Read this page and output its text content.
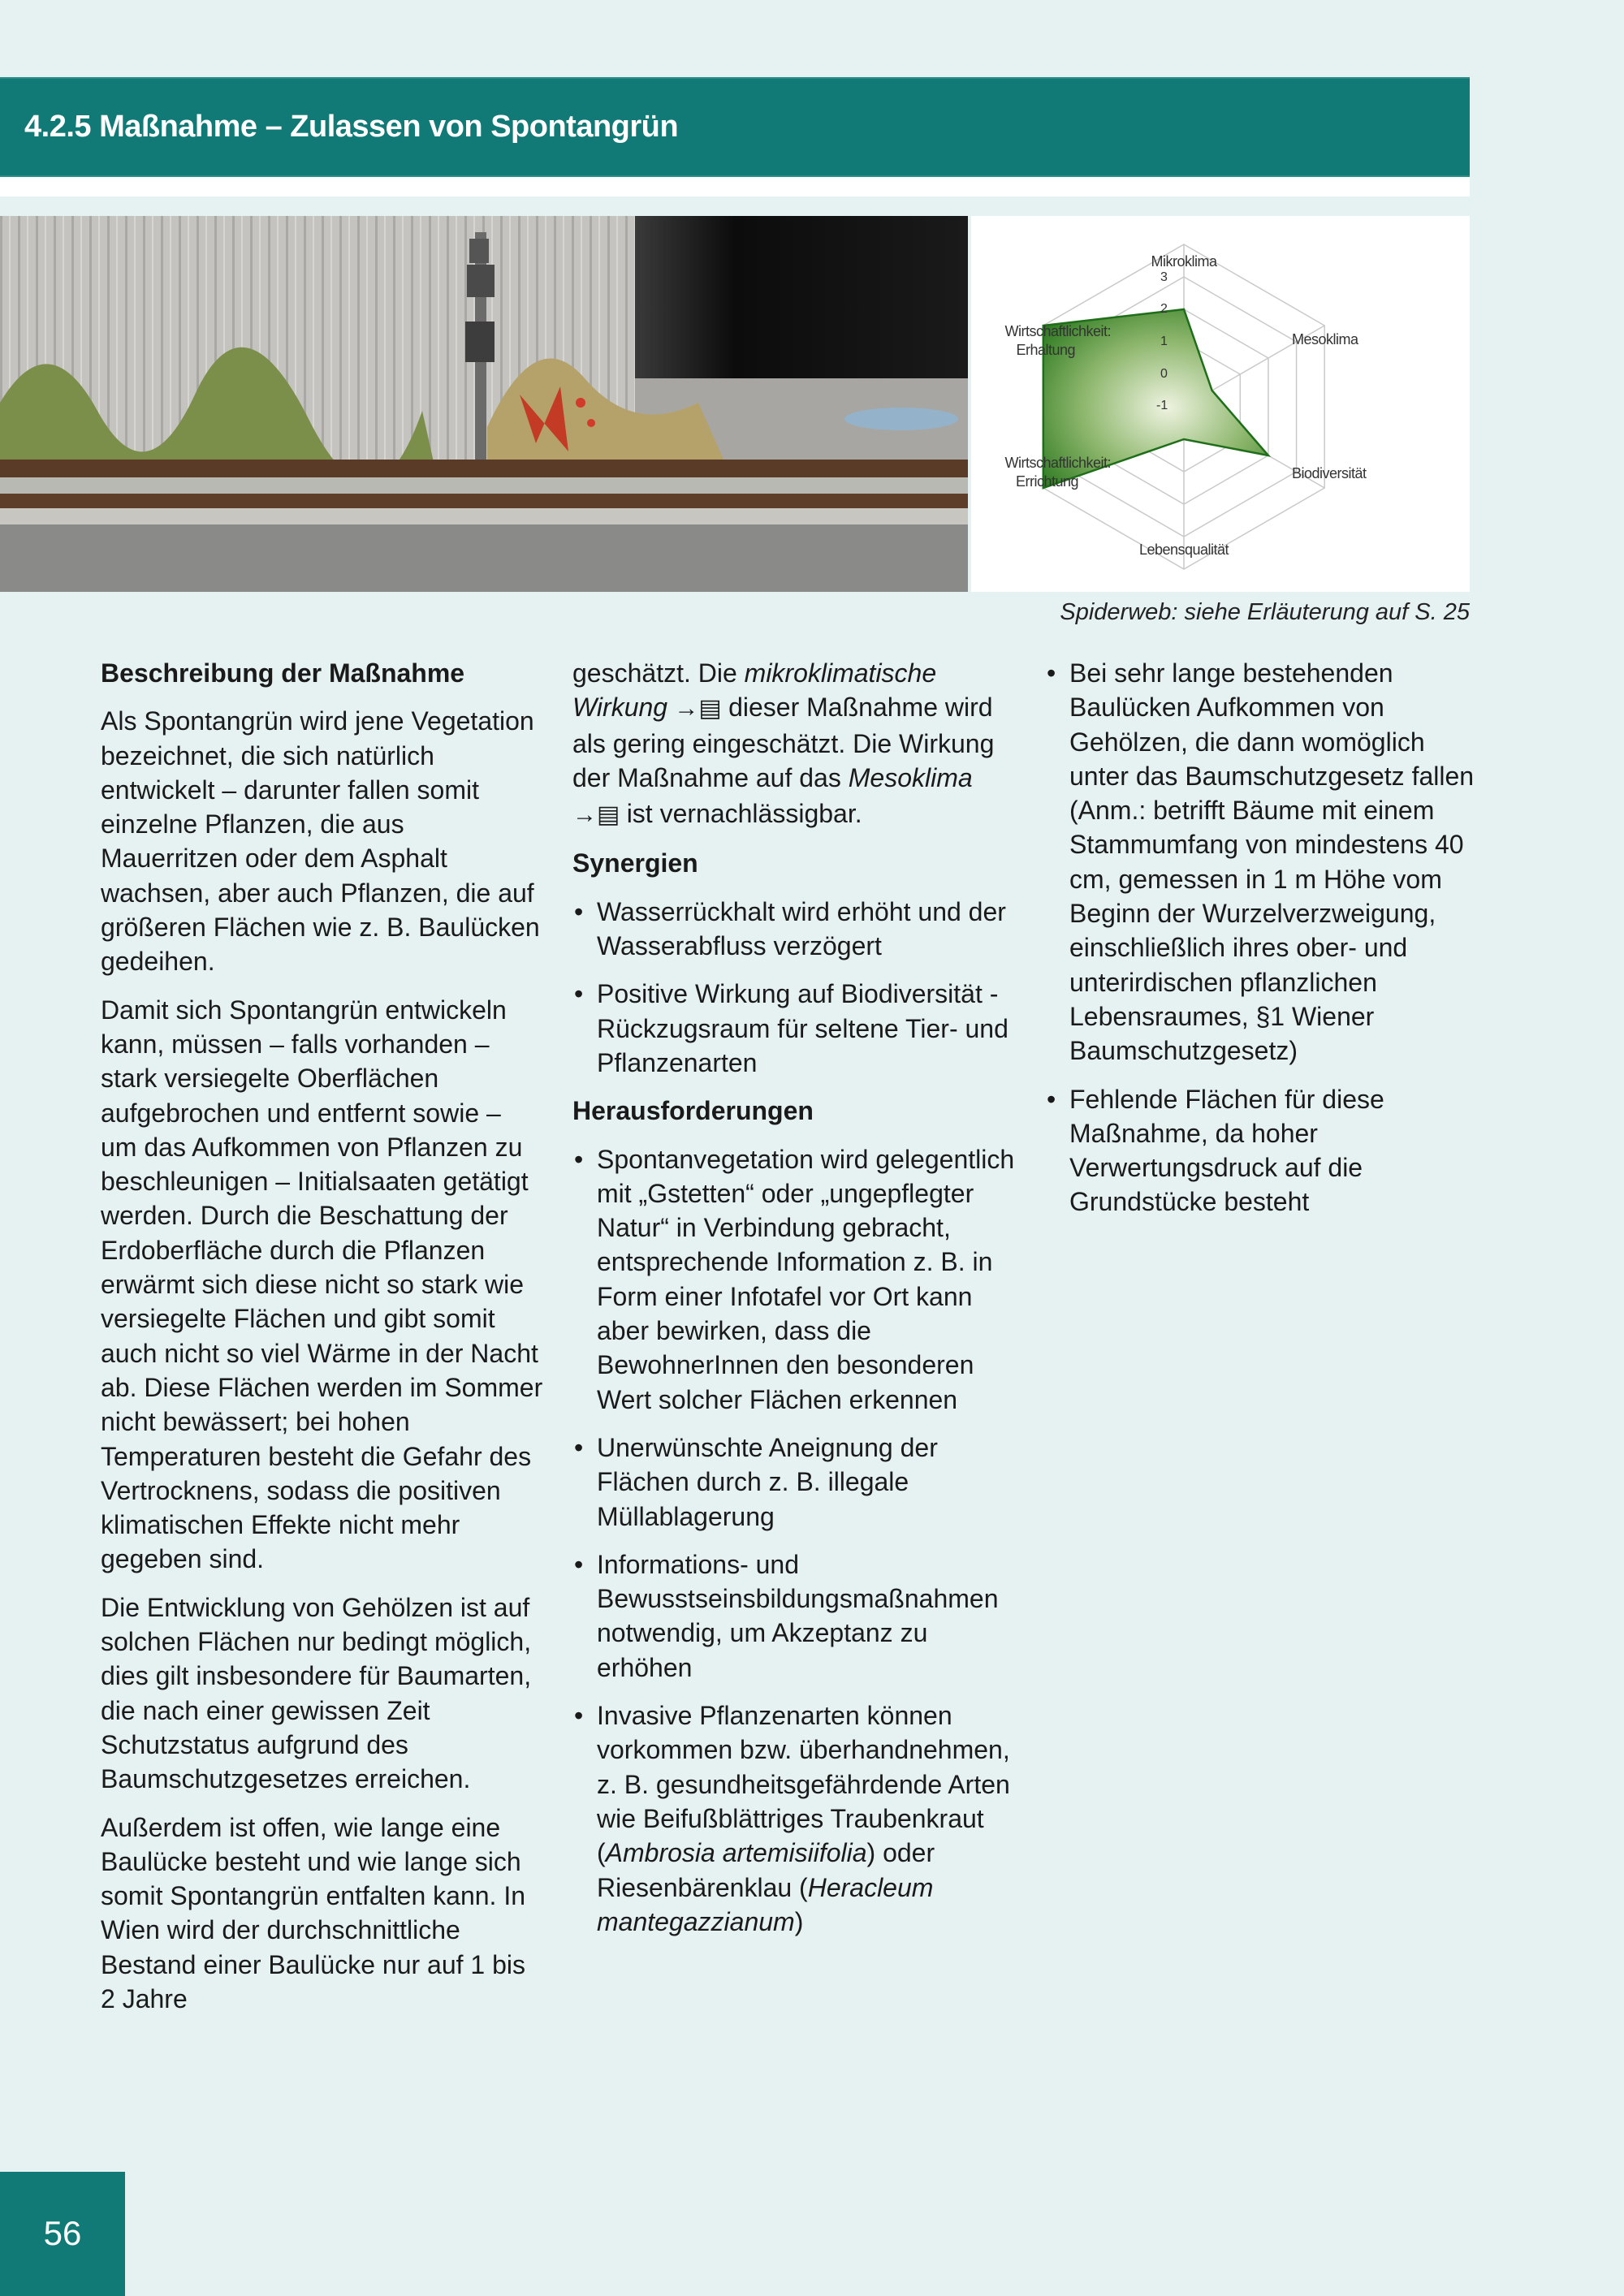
4.2.5 Maßnahme – Zulassen von Spontangrün
3
2
1
0
-1
Mikroklima
Mesoklima
Biodiversität
Lebensqualität
Wirtschaftlichkeit:
Errichtung
Wirtschaftlichkeit:
Erhaltung
Spiderweb: siehe Erläuterung auf S. 25
Beschreibung der Maßnahme

Als Spontangrün wird jene Vegetation bezeichnet, die sich natürlich entwickelt – darunter fallen somit einzelne Pflanzen, die aus Mauerritzen oder dem Asphalt wachsen, aber auch Pflanzen, die auf größeren Flächen wie z. B. Baulücken gedeihen.

Damit sich Spontangrün entwickeln kann, müssen – falls vorhanden – stark versiegelte Oberflächen aufgebrochen und entfernt sowie – um das Aufkommen von Pflanzen zu beschleunigen – Initialsaaten getätigt werden. Durch die Beschattung der Erdoberfläche durch die Pflanzen erwärmt sich diese nicht so stark wie versiegelte Flächen und gibt somit auch nicht so viel Wärme in der Nacht ab. Diese Flächen werden im Sommer nicht bewässert; bei hohen Temperaturen besteht die Gefahr des Vertrocknens, sodass die positiven klimatischen Effekte nicht mehr gegeben sind.

Die Entwicklung von Gehölzen ist auf solchen Flächen nur bedingt möglich, dies gilt insbesondere für Baumarten, die nach einer gewissen Zeit Schutzstatus aufgrund des Baumschutzgesetzes erreichen.

Außerdem ist offen, wie lange eine Baulücke besteht und wie lange sich somit Spontangrün entfalten kann. In Wien wird der durchschnittliche Bestand einer Baulücke nur auf 1 bis 2 Jahre

geschätzt. Die mikroklimatische Wirkung →▤ dieser Maßnahme wird als gering eingeschätzt. Die Wirkung der Maßnahme auf das Mesoklima →▤ ist vernachlässigbar.

Synergien
• Wasserrückhalt wird erhöht und der Wasserabfluss verzögert
• Positive Wirkung auf Biodiversität - Rückzugsraum für seltene Tier- und Pflanzenarten
Herausforderungen
• Spontanvegetation wird gelegentlich mit „Gstetten“ oder „ungepflegter Natur“ in Verbindung gebracht, entsprechende Information z. B. in Form einer Infotafel vor Ort kann aber bewirken, dass die BewohnerInnen den besonderen Wert solcher Flächen erkennen
• Unerwünschte Aneignung der Flächen durch z. B. illegale Müllablagerung
• Informations- und Bewusstseinsbildungsmaßnahmen notwendig, um Akzeptanz zu erhöhen
• Invasive Pflanzenarten können vorkommen bzw. überhandnehmen, z. B. gesundheitsgefährdende Arten wie Beifußblättriges Traubenkraut (Ambrosia artemisiifolia) oder Riesenbärenklau (Heracleum mantegazzianum)
• Bei sehr lange bestehenden Baulücken Aufkommen von Gehölzen, die dann womöglich unter das Baumschutzgesetz fallen (Anm.: betrifft Bäume mit einem Stammumfang von mindestens 40 cm, gemessen in 1 m Höhe vom Beginn der Wurzelverzweigung, einschließlich ihres ober- und unterirdischen pflanzlichen Lebensraumes, §1 Wiener Baumschutzgesetz)
• Fehlende Flächen für diese Maßnahme, da hoher Verwertungsdruck auf die Grundstücke besteht
56
